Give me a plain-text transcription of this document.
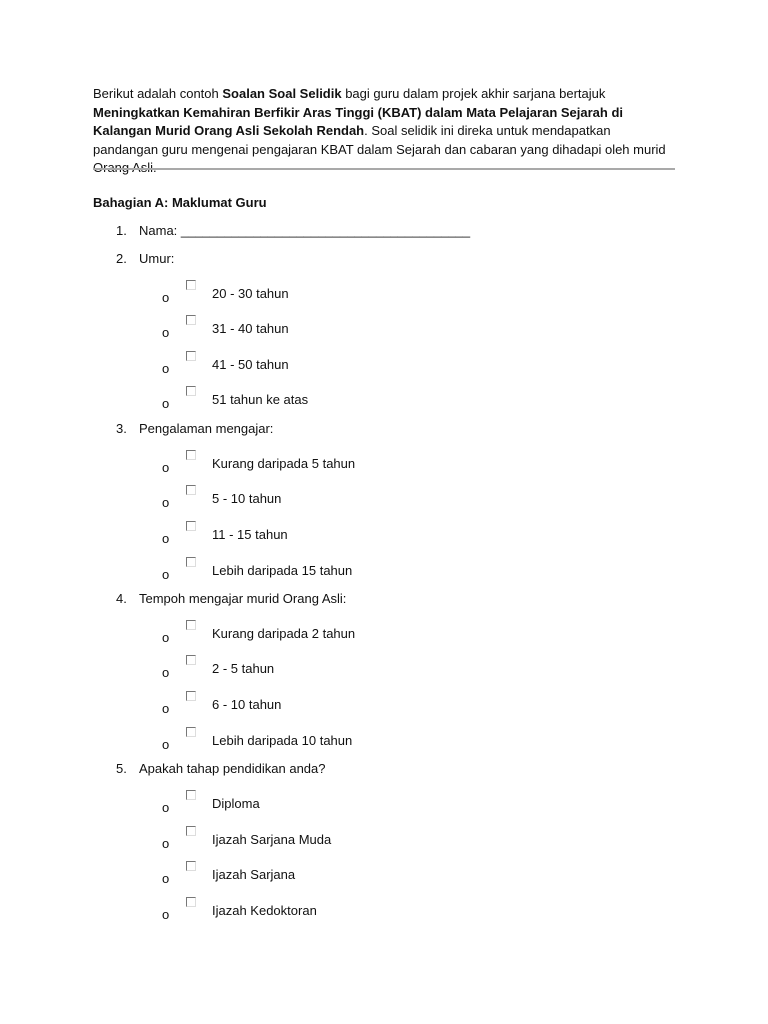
Berikut adalah contoh Soalan Soal Selidik bagi guru dalam projek akhir sarjana bertajuk Meningkatkan Kemahiran Berfikir Aras Tinggi (KBAT) dalam Mata Pelajaran Sejarah di Kalangan Murid Orang Asli Sekolah Rendah. Soal selidik ini direka untuk mendapatkan pandangan guru mengenai pengajaran KBAT dalam Sejarah dan cabaran yang dihadapi oleh murid

Bahagian A: Maklumat Guru
1. Nama: ________________________________________
2. Umur:
o	20 - 30 tahun
o	31 - 40 tahun
o	41 - 50 tahun
o	51 tahun ke atas
3. Pengalaman mengajar:
o	Kurang daripada 5 tahun
o	5 - 10 tahun
o	11 - 15 tahun
o	Lebih daripada 15 tahun
4. Tempoh mengajar murid Orang Asli:
o	Kurang daripada 2 tahun
o	2 - 5 tahun
o	6 - 10 tahun
o	Lebih daripada 10 tahun
5. Apakah tahap pendidikan anda?
o	Diploma
o	Ijazah Sarjana Muda
o	Ijazah Sarjana
o	Ijazah Kedoktoran
